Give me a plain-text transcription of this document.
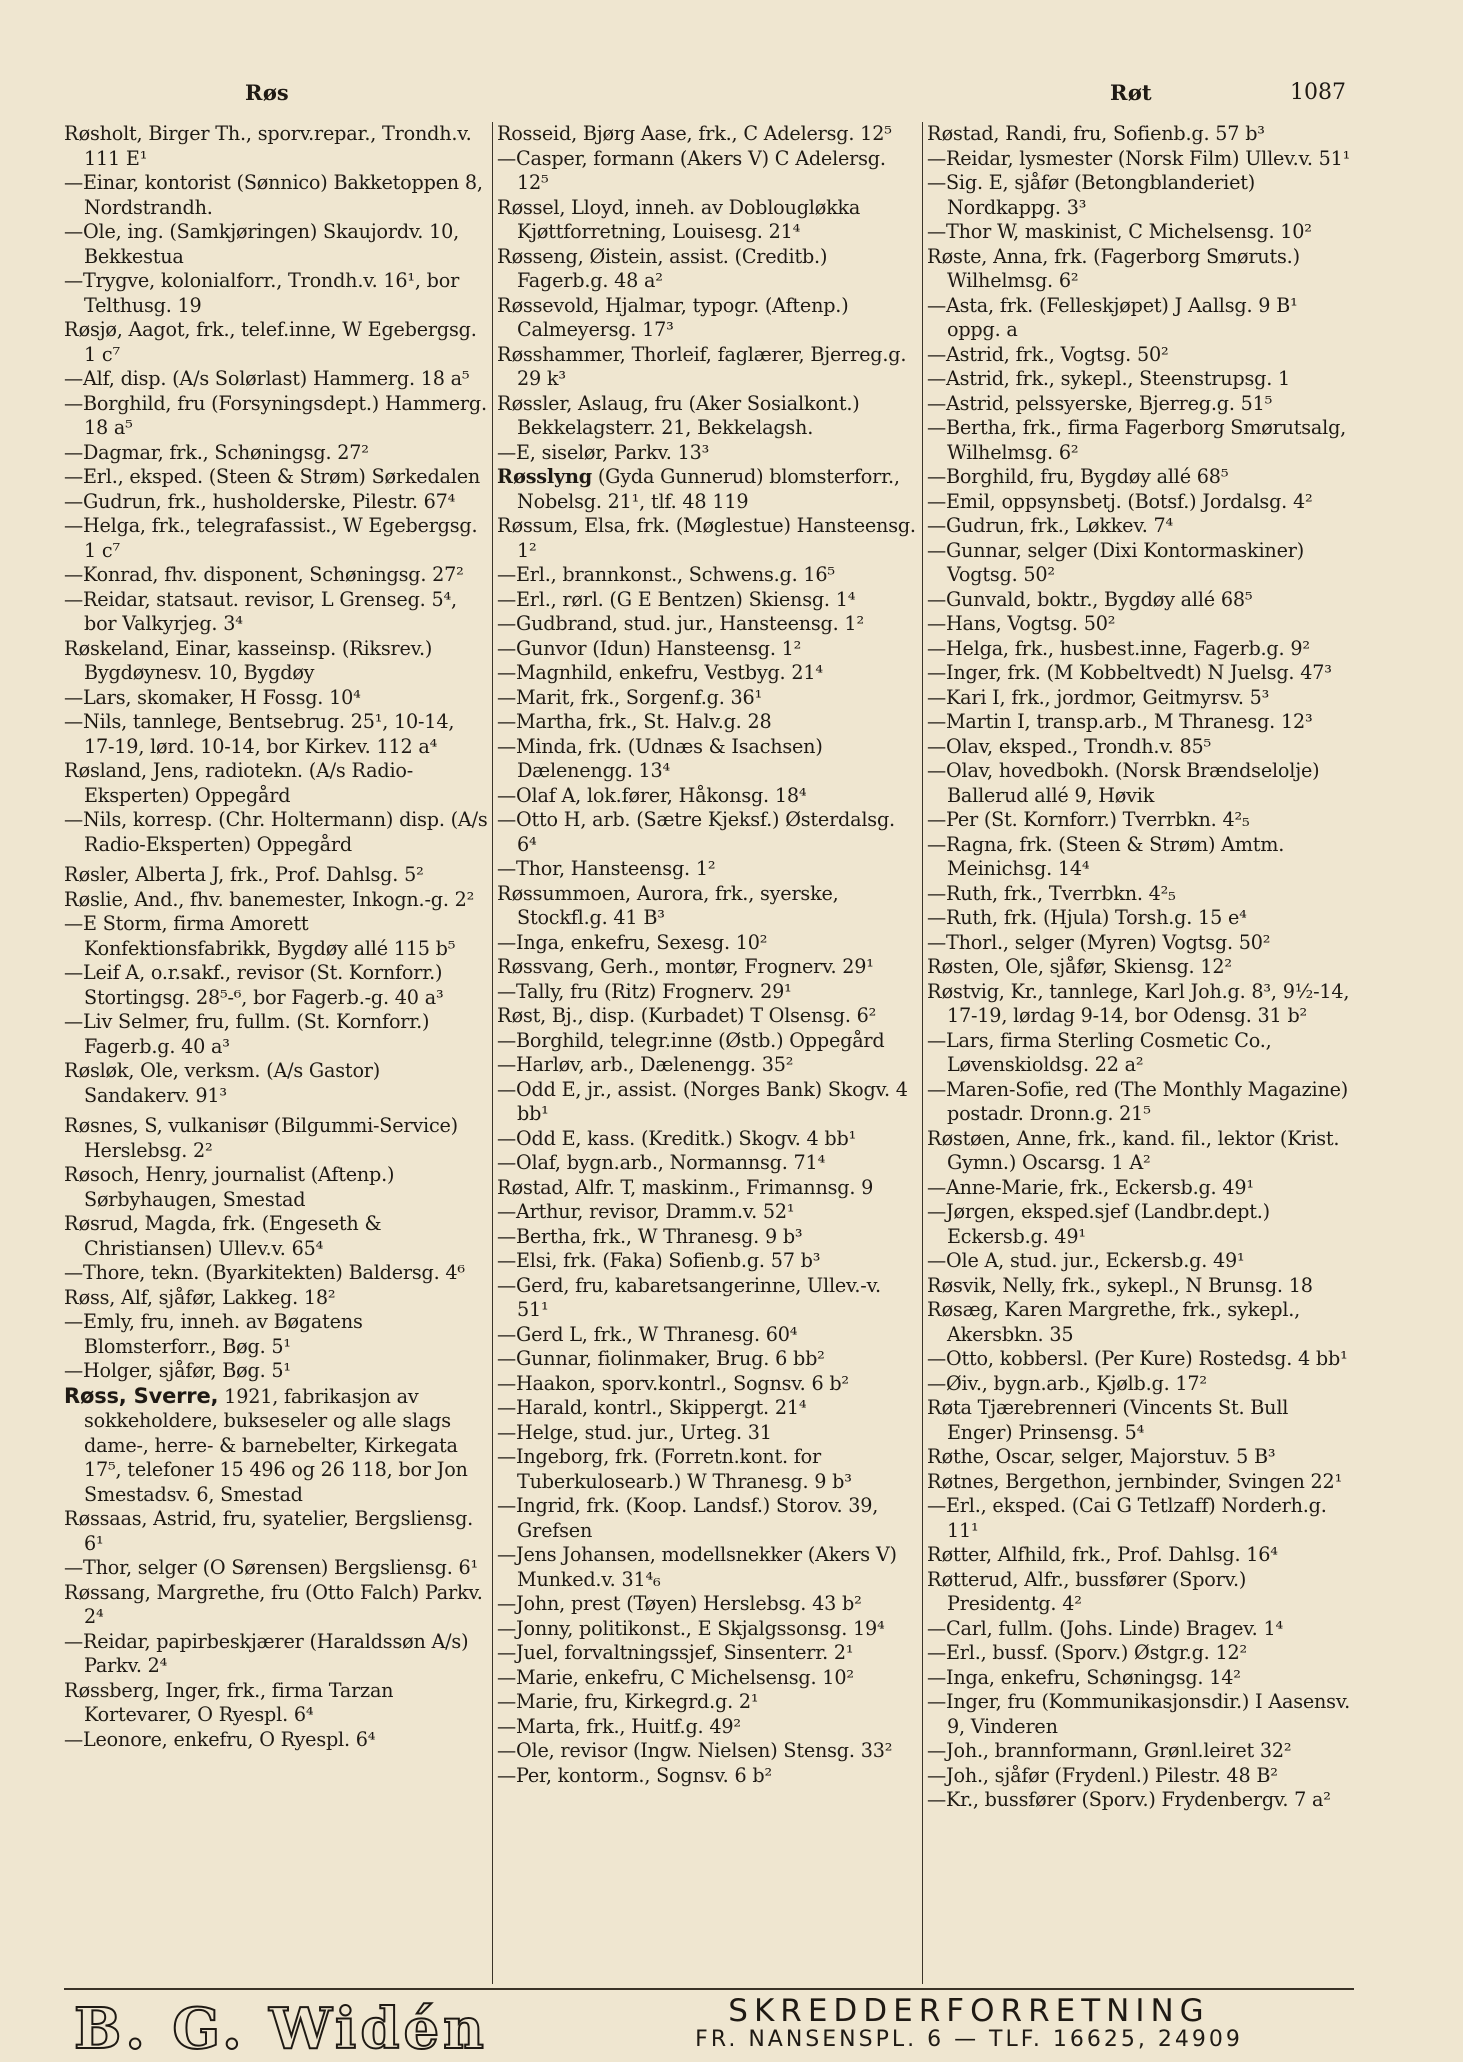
Røs	Røt	1087

Røsholt, Birger Th., sporv.repar., Trondh.v. 111 E¹

—Einar, kontorist (Sønnico) Bakketoppen 8, Nordstrandh.

—Ole, ing. (Samkjøringen) Skaujordv. 10, Bekkestua

—Trygve, kolonialforr., Trondh.v. 16¹, bor Telthusg. 19

Røsjø, Aagot, frk., telef.inne, W Egebergsg. 1 c⁷

—Alf, disp. (A/s Solørlast) Hammerg. 18 a⁵

—Borghild, fru (Forsyningsdept.) Hammerg. 18 a⁵

—Dagmar, frk., Schøningsg. 27²

—Erl., eksped. (Steen & Strøm) Sørkedalen

—Gudrun, frk., husholderske, Pilestr. 67⁴

—Helga, frk., telegrafassist., W Egebergsg. 1 c⁷

—Konrad, fhv. disponent, Schøningsg. 27²

—Reidar, statsaut. revisor, L Grenseg. 5⁴, bor Valkyrjeg. 3⁴

Røskeland, Einar, kasseinsp. (Riksrev.) Bygdøynesv. 10, Bygdøy

—Lars, skomaker, H Fossg. 10⁴

—Nils, tannlege, Bentsebrug. 25¹, 10-14, 17-19, lørd. 10-14, bor Kirkev. 112 a⁴

Røsland, Jens, radiotekn. (A/s Radio-Eksperten) Oppegård

—Nils, korresp. (Chr. Holtermann) disp. (A/s Radio-Eksperten) Oppegård

Røsler, Alberta J, frk., Prof. Dahlsg. 5²

Røslie, And., fhv. banemester, Inkogn.-g. 2²

—E Storm, firma Amorett Konfektionsfabrikk, Bygdøy allé 115 b⁵

—Leif A, o.r.sakf., revisor (St. Kornforr.) Stortingsg. 28⁵-⁶, bor Fagerb.-g. 40 a³

—Liv Selmer, fru, fullm. (St. Kornforr.) Fagerb.g. 40 a³

Røsløk, Ole, verksm. (A/s Gastor) Sandakerv. 91³

Røsnes, S, vulkanisør (Bilgummi-Service) Herslebsg. 2²

Røsoch, Henry, journalist (Aftenp.) Sørbyhaugen, Smestad

Røsrud, Magda, frk. (Engeseth & Christiansen) Ullev.v. 65⁴

—Thore, tekn. (Byarkitekten) Baldersg. 4⁶

Røss, Alf, sjåfør, Lakkeg. 18²

—Emly, fru, inneh. av Bøgatens Blomsterforr., Bøg. 5¹

—Holger, sjåfør, Bøg. 5¹

Røss, Sverre, 1921, fabrikasjon av sokkeholdere, bukseseler og alle slags dame-, herre- & barnebelter, Kirkegata 17⁵, telefoner 15 496 og 26 118, bor Jon Smestadsv. 6, Smestad

Røssaas, Astrid, fru, syatelier, Bergsliensg. 6¹

—Thor, selger (O Sørensen) Bergsliensg. 6¹

Røssang, Margrethe, fru (Otto Falch) Parkv. 2⁴

—Reidar, papirbeskjærer (Haraldssøn A/s) Parkv. 2⁴

Røssberg, Inger, frk., firma Tarzan Kortevarer, O Ryespl. 6⁴

—Leonore, enkefru, O Ryespl. 6⁴

Rosseid, Bjørg Aase, frk., C Adelersg. 12⁵

—Casper, formann (Akers V) C Adelersg. 12⁵

Røssel, Lloyd, inneh. av Doblougløkka Kjøttforretning, Louisesg. 21⁴

Røsseng, Øistein, assist. (Creditb.) Fagerb.g. 48 a²

Røssevold, Hjalmar, typogr. (Aftenp.) Calmeyersg. 17³

Røsshammer, Thorleif, faglærer, Bjerreg.g. 29 k³

Røssler, Aslaug, fru (Aker Sosialkont.) Bekkelagsterr. 21, Bekkelagsh.

—E, siselør, Parkv. 13³

Røsslyng (Gyda Gunnerud) blomsterforr., Nobelsg. 21¹, tlf. 48 119

Røssum, Elsa, frk. (Møglestue) Hansteensg. 1²

—Erl., brannkonst., Schwens.g. 16⁵

—Erl., rørl. (G E Bentzen) Skiensg. 1⁴

—Gudbrand, stud. jur., Hansteensg. 1²

—Gunvor (Idun) Hansteensg. 1²

—Magnhild, enkefru, Vestbyg. 21⁴

—Marit, frk., Sorgenf.g. 36¹

—Martha, frk., St. Halv.g. 28

—Minda, frk. (Udnæs & Isachsen) Dælenengg. 13⁴

—Olaf A, lok.fører, Håkonsg. 18⁴

—Otto H, arb. (Sætre Kjeksf.) Østerdalsg. 6⁴

—Thor, Hansteensg. 1²

Røssummoen, Aurora, frk., syerske, Stockfl.g. 41 B³

—Inga, enkefru, Sexesg. 10²

Røssvang, Gerh., montør, Frognerv. 29¹

—Tally, fru (Ritz) Frognerv. 29¹

Røst, Bj., disp. (Kurbadet) T Olsensg. 6²

—Borghild, telegr.inne (Østb.) Oppegård

—Harløv, arb., Dælenengg. 35²

—Odd E, jr., assist. (Norges Bank) Skogv. 4 bb¹

—Odd E, kass. (Kreditk.) Skogv. 4 bb¹

—Olaf, bygn.arb., Normannsg. 71⁴

Røstad, Alfr. T, maskinm., Frimannsg. 9

—Arthur, revisor, Dramm.v. 52¹

—Bertha, frk., W Thranesg. 9 b³

—Elsi, frk. (Faka) Sofienb.g. 57 b³

—Gerd, fru, kabaretsangerinne, Ullev.-v. 51¹

—Gerd L, frk., W Thranesg. 60⁴

—Gunnar, fiolinmaker, Brug. 6 bb²

—Haakon, sporv.kontrl., Sognsv. 6 b²

—Harald, kontrl., Skippergt. 21⁴

—Helge, stud. jur., Urteg. 31

—Ingeborg, frk. (Forretn.kont. for Tuberkulosearb.) W Thranesg. 9 b³

—Ingrid, frk. (Koop. Landsf.) Storov. 39, Grefsen

—Jens Johansen, modellsnekker (Akers V) Munked.v. 31⁴₆

—John, prest (Tøyen) Herslebsg. 43 b²

—Jonny, politikonst., E Skjalgssonsg. 19⁴

—Juel, forvaltningssjef, Sinsenterr. 2¹

—Marie, enkefru, C Michelsensg. 10²

—Marie, fru, Kirkegrd.g. 2¹

—Marta, frk., Huitf.g. 49²

—Ole, revisor (Ingw. Nielsen) Stensg. 33²

—Per, kontorm., Sognsv. 6 b²

Røstad, Randi, fru, Sofienb.g. 57 b³

—Reidar, lysmester (Norsk Film) Ullev.v. 51¹

—Sig. E, sjåfør (Betongblanderiet) Nordkappg. 3³

—Thor W, maskinist, C Michelsensg. 10²

Røste, Anna, frk. (Fagerborg Smøruts.) Wilhelmsg. 6²

—Asta, frk. (Felleskjøpet) J Aallsg. 9 B¹ oppg. a

—Astrid, frk., Vogtsg. 50²

—Astrid, frk., sykepl., Steenstrupsg. 1

—Astrid, pelssyerske, Bjerreg.g. 51⁵

—Bertha, frk., firma Fagerborg Smørutsalg, Wilhelmsg. 6²

—Borghild, fru, Bygdøy allé 68⁵

—Emil, oppsynsbetj. (Botsf.) Jordalsg. 4²

—Gudrun, frk., Løkkev. 7⁴

—Gunnar, selger (Dixi Kontormaskiner) Vogtsg. 50²

—Gunvald, boktr., Bygdøy allé 68⁵

—Hans, Vogtsg. 50²

—Helga, frk., husbest.inne, Fagerb.g. 9²

—Inger, frk. (M Kobbeltvedt) N Juelsg. 47³

—Kari I, frk., jordmor, Geitmyrsv. 5³

—Martin I, transp.arb., M Thranesg. 12³

—Olav, eksped., Trondh.v. 85⁵

—Olav, hovedbokh. (Norsk Brændselolje) Ballerud allé 9, Høvik

—Per (St. Kornforr.) Tverrbkn. 4²₅

—Ragna, frk. (Steen & Strøm) Amtm. Meinichsg. 14⁴

—Ruth, frk., Tverrbkn. 4²₅

—Ruth, frk. (Hjula) Torsh.g. 15 e⁴

—Thorl., selger (Myren) Vogtsg. 50²

Røsten, Ole, sjåfør, Skiensg. 12²

Røstvig, Kr., tannlege, Karl Joh.g. 8³, 9½-14, 17-19, lørdag 9-14, bor Odensg. 31 b²

—Lars, firma Sterling Cosmetic Co., Løvenskioldsg. 22 a²

—Maren-Sofie, red (The Monthly Magazine) postadr. Dronn.g. 21⁵

Røstøen, Anne, frk., kand. fil., lektor (Krist. Gymn.) Oscarsg. 1 A²

—Anne-Marie, frk., Eckersb.g. 49¹

—Jørgen, eksped.sjef (Landbr.dept.) Eckersb.g. 49¹

—Ole A, stud. jur., Eckersb.g. 49¹

Røsvik, Nelly, frk., sykepl., N Brunsg. 18

Røsæg, Karen Margrethe, frk., sykepl., Akersbkn. 35

—Otto, kobbersl. (Per Kure) Rostedsg. 4 bb¹

—Øiv., bygn.arb., Kjølb.g. 17²

Røta Tjærebrenneri (Vincents St. Bull Enger) Prinsensg. 5⁴

Røthe, Oscar, selger, Majorstuv. 5 B³

Røtnes, Bergethon, jernbinder, Svingen 22¹

—Erl., eksped. (Cai G Tetlzaff) Norderh.g. 11¹

Røtter, Alfhild, frk., Prof. Dahlsg. 16⁴

Røtterud, Alfr., bussfører (Sporv.) Presidentg. 4²

—Carl, fullm. (Johs. Linde) Bragev. 1⁴

—Erl., bussf. (Sporv.) Østgr.g. 12²

—Inga, enkefru, Schøningsg. 14²

—Inger, fru (Kommunikasjonsdir.) I Aasensv. 9, Vinderen

—Joh., brannformann, Grønl.leiret 32²

—Joh., sjåfør (Frydenl.) Pilestr. 48 B²

—Kr., bussfører (Sporv.) Frydenbergv. 7 a²

B. G. Widén	SKREDDERFORRETNING
FR. NANSENSPL. 6 — TLF. 16625, 24909
